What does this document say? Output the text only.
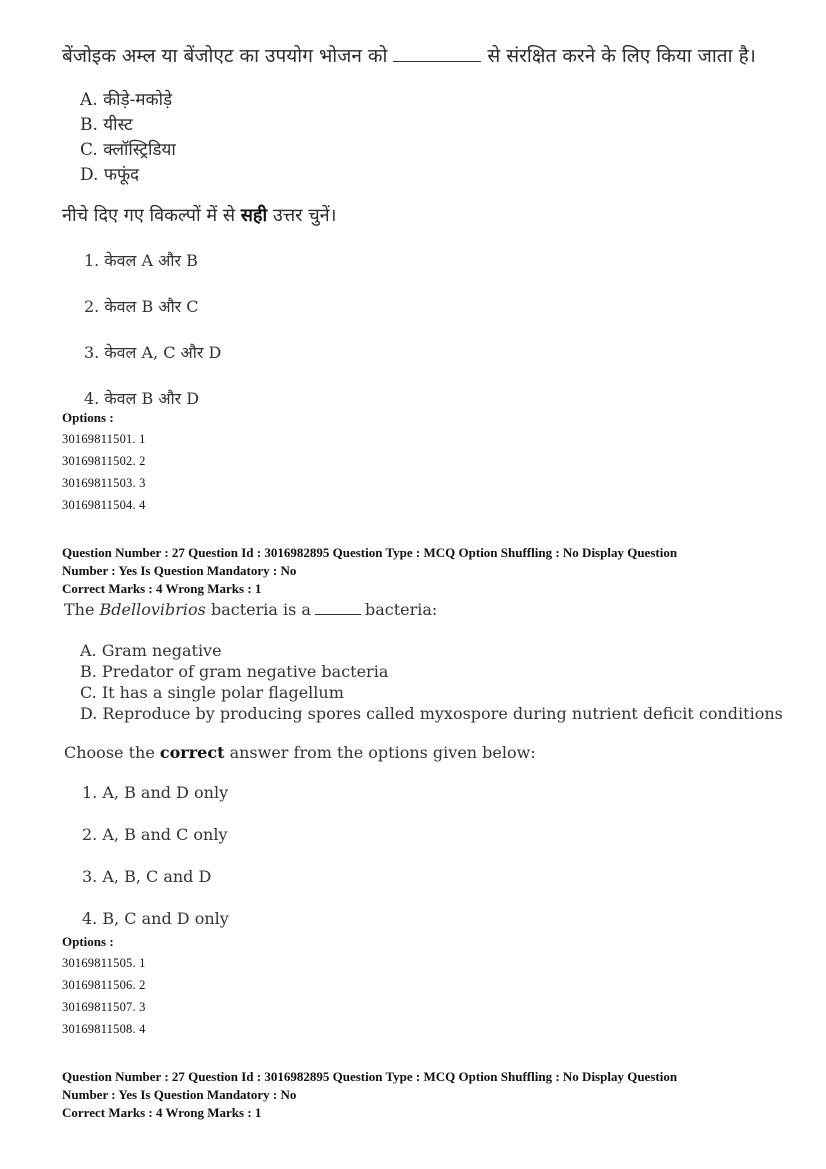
बेंजोइक अम्ल या बेंजोएट का उपयोग भोजन को	से संरक्षित करने के लिए किया जाता है।
A. कीड़े-मकोड़े
B. यीस्ट
C. क्लॉस्ट्रिडिया
D. फफूंद
नीचे दिए गए विकल्पों में से सही उत्तर चुनें।
1. केवल A और B
2. केवल B और C
3. केवल A, C और D
4. केवल B और D
Options :
30169811501. 1
30169811502. 2
30169811503. 3
30169811504. 4
Question Number : 27 Question Id : 3016982895 Question Type : MCQ Option Shuffling : No Display Question
Number : Yes Is Question Mandatory : No
Correct Marks : 4 Wrong Marks : 1
The Bdellovibrios bacteria is a	bacteria:
A. Gram negative
B. Predator of gram negative bacteria
C. It has a single polar flagellum
D. Reproduce by producing spores called myxospore during nutrient deficit conditions
Choose the correct answer from the options given below:
1. A, B and D only
2. A, B and C only
3. A, B, C and D
4. B, C and D only
Options :
30169811505. 1
30169811506. 2
30169811507. 3
30169811508. 4
Question Number : 27 Question Id : 3016982895 Question Type : MCQ Option Shuffling : No Display Question
Number : Yes Is Question Mandatory : No
Correct Marks : 4 Wrong Marks : 1
